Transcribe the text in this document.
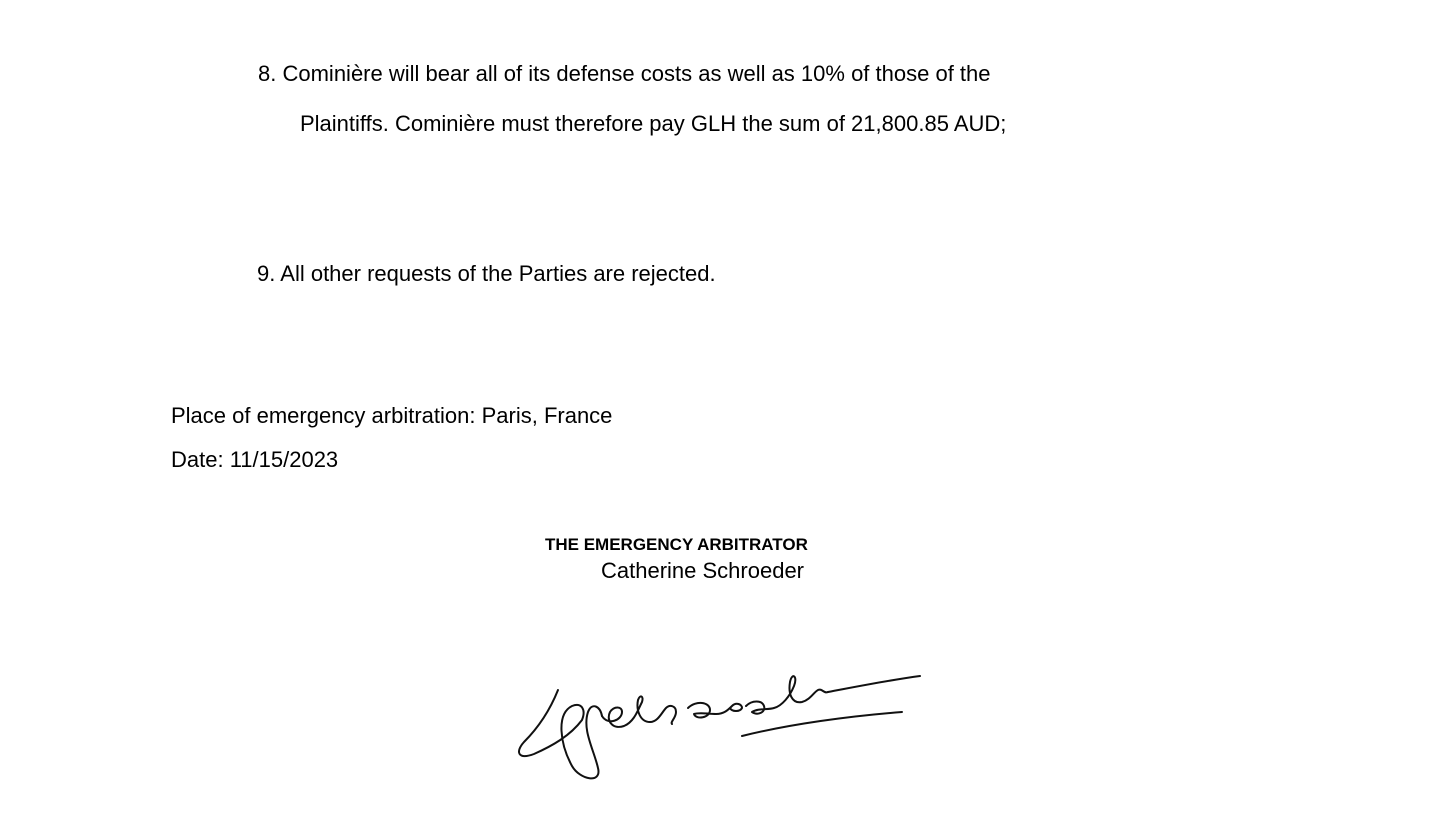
8. Cominière will bear all of its defense costs as well as 10% of those of the
Plaintiffs. Cominière must therefore pay GLH the sum of 21,800.85 AUD;
9. All other requests of the Parties are rejected.
Place of emergency arbitration: Paris, France
Date: 11/15/2023
THE EMERGENCY ARBITRATOR
Catherine Schroeder
